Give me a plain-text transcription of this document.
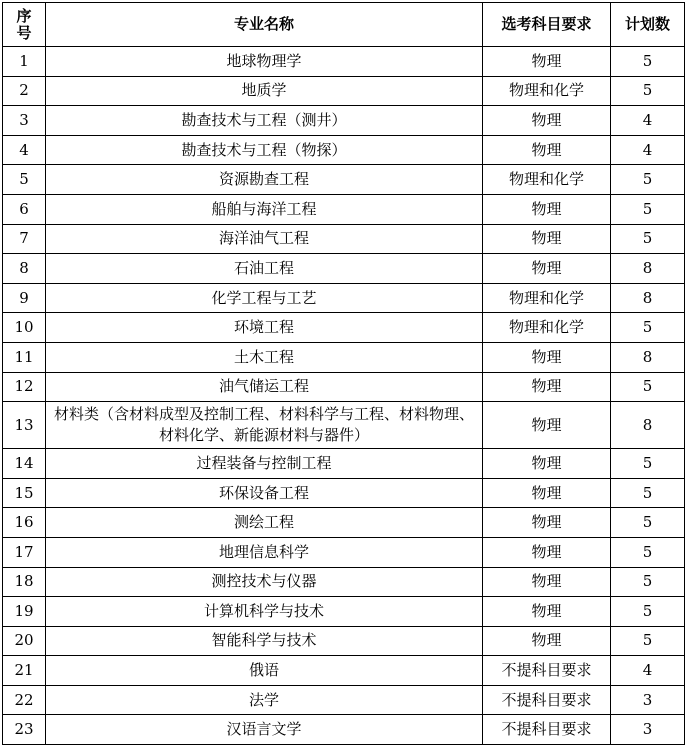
序号	专业名称	选考科目要求	计划数
1	地球物理学	物理	5
2	地质学	物理和化学	5
3	勘查技术与工程（测井）	物理	4
4	勘查技术与工程（物探）	物理	4
5	资源勘查工程	物理和化学	5
6	船舶与海洋工程	物理	5
7	海洋油气工程	物理	5
8	石油工程	物理	8
9	化学工程与工艺	物理和化学	8
10	环境工程	物理和化学	5
11	土木工程	物理	8
12	油气储运工程	物理	5
13	材料类（含材料成型及控制工程、材料科学与工程、材料物理、材料化学、新能源材料与器件）	物理	8
14	过程装备与控制工程	物理	5
15	环保设备工程	物理	5
16	测绘工程	物理	5
17	地理信息科学	物理	5
18	测控技术与仪器	物理	5
19	计算机科学与技术	物理	5
20	智能科学与技术	物理	5
21	俄语	不提科目要求	4
22	法学	不提科目要求	3
23	汉语言文学	不提科目要求	3
